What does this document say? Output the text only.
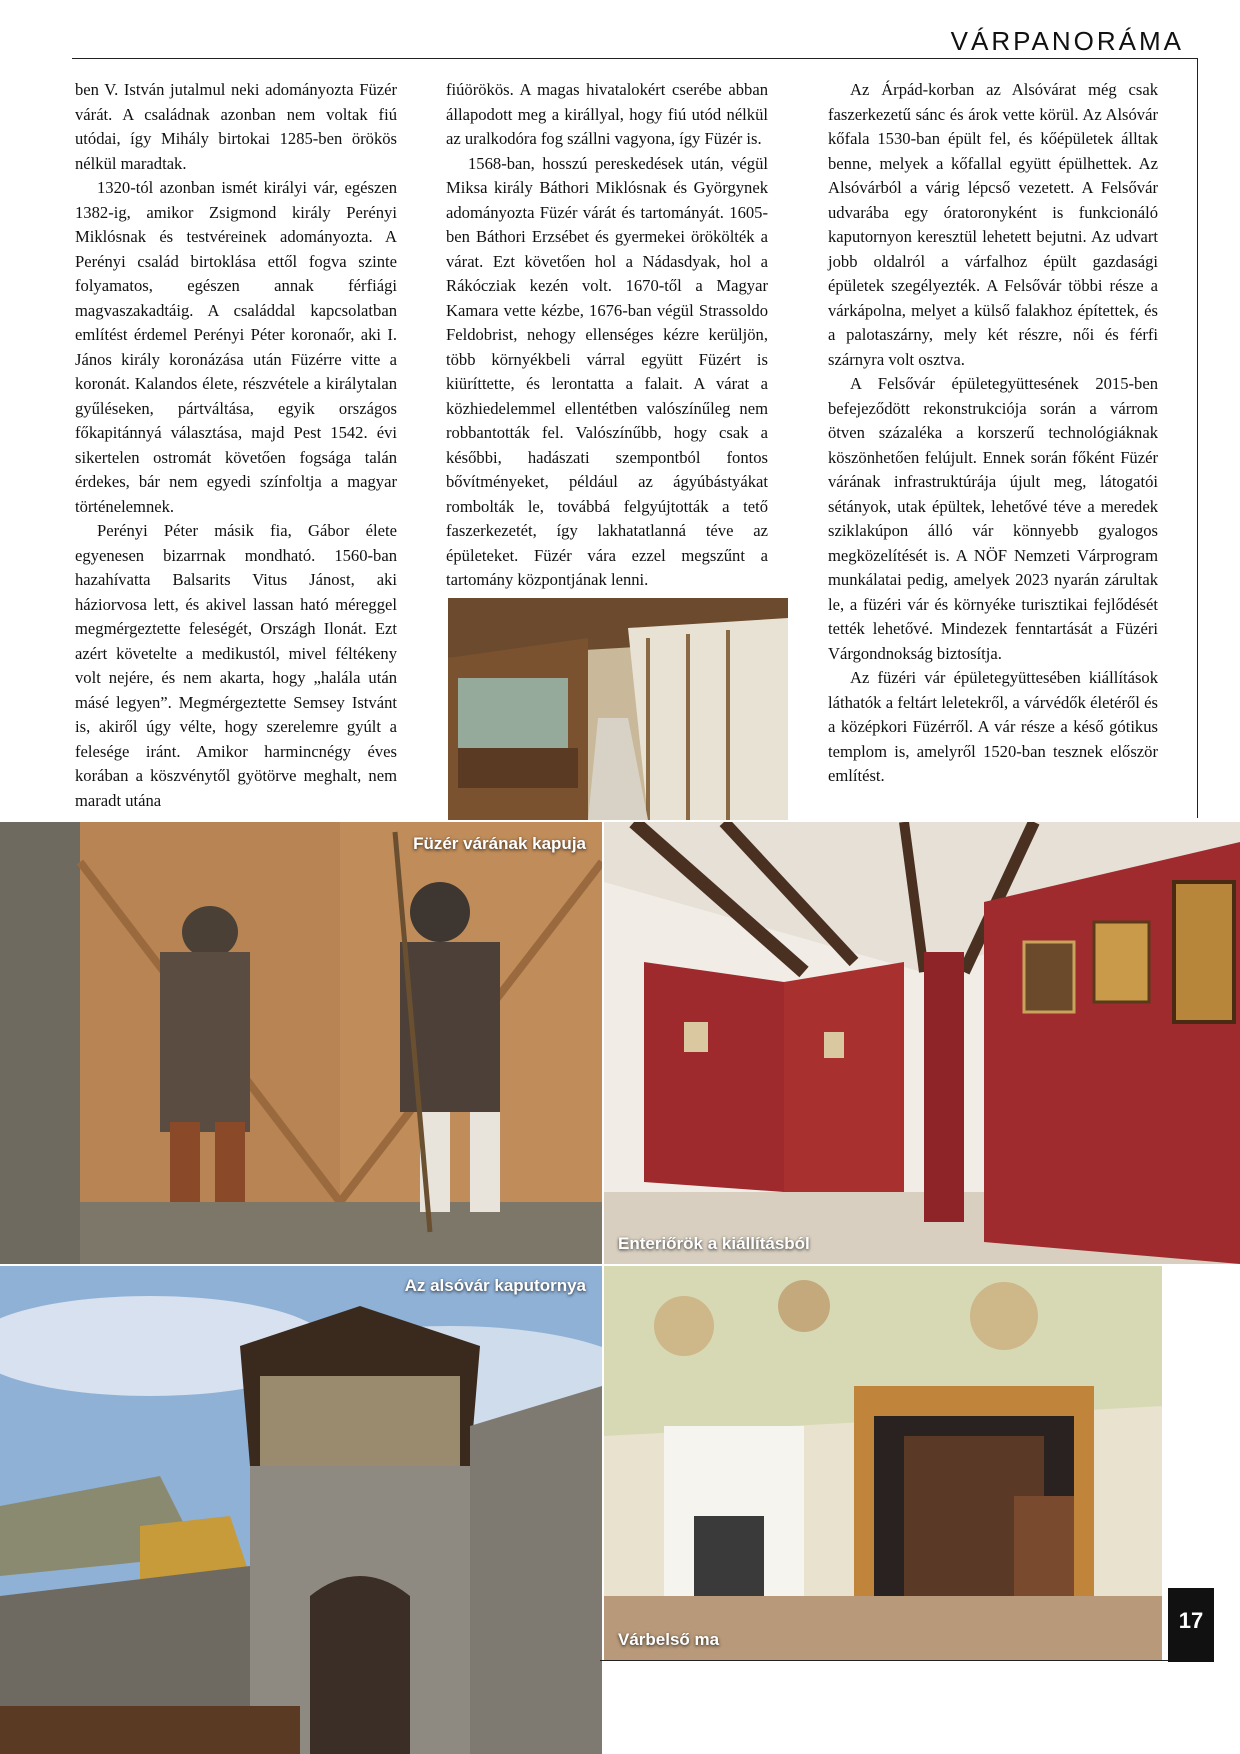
VÁRPANORÁMA

ben V. István jutalmul neki adományozta Füzér várát. A családnak azonban nem voltak fiú utódai, így Mihály birtokai 1285-ben örökös nélkül maradtak.

1320-tól azonban ismét királyi vár, egészen 1382-ig, amikor Zsigmond király Perényi Miklósnak és testvéreinek adományozta. A Perényi család birtoklása ettől fogva szinte folyamatos, egészen annak férfiági magvaszakadtáig. A családdal kapcsolatban említést érdemel Perényi Péter koronaőr, aki I. János király koronázása után Füzérre vitte a koronát. Kalandos élete, részvétele a királytalan gyűléseken, pártváltása, egyik országos főkapitánnyá választása, majd Pest 1542. évi sikertelen ostromát követően fogsága talán érdekes, bár nem egyedi színfoltja a magyar történelemnek.

Perényi Péter másik fia, Gábor élete egyenesen bizarrnak mondható. 1560-ban hazahívatta Balsarits Vitus Jánost, aki háziorvosa lett, és akivel lassan ható méreggel megmérgeztette feleségét, Országh Ilonát. Ezt azért követelte a medikustól, mivel féltékeny volt nejére, és nem akarta, hogy „halála után másé legyen”. Megmérgeztette Semsey Istvánt is, akiről úgy vélte, hogy szerelemre gyúlt a felesége iránt. Amikor harmincnégy éves korában a köszvénytől gyötörve meghalt, nem maradt utána

fiúörökös. A magas hivatalokért cserébe abban állapodott meg a királlyal, hogy fiú utód nélkül az uralkodóra fog szállni vagyona, így Füzér is.

1568-ban, hosszú pereskedések után, végül Miksa király Báthori Miklósnak és Györgynek adományozta Füzér várát és tartományát. 1605-ben Báthori Erzsébet és gyermekei örökölték a várat. Ezt követően hol a Nádasdyak, hol a Rákócziak kezén volt. 1670-től a Magyar Kamara vette kézbe, 1676-ban végül Strassoldo Feldobrist, nehogy ellenséges kézre kerüljön, több környékbeli várral együtt Füzért is kiüríttette, és lerontatta a falait. A várat a közhiedelemmel ellentétben valószínűleg nem robbantották fel. Valószínűbb, hogy csak a későbbi, hadászati szempontból fontos bővítményeket, például az ágyúbástyákat rombolták le, továbbá felgyújtották a tető faszerkezetét, így lakhatatlanná téve az épületeket. Füzér vára ezzel megszűnt a tartomány központjának lenni.

Az Árpád-korban az Alsóvárat még csak faszerkezetű sánc és árok vette körül. Az Alsóvár kőfala 1530-ban épült fel, és kőépületek álltak benne, melyek a kőfallal együtt épülhettek. Az Alsóvárból a várig lépcső vezetett. A Felsővár udvarába egy óratoronyként is funkcionáló kaputornyon keresztül lehetett bejutni. Az udvart jobb oldalról a várfalhoz épült gazdasági épületek szegélyezték. A Felsővár többi része a várkápolna, melyet a külső falakhoz építettek, és a palotaszárny, mely két részre, női és férfi szárnyra volt osztva.

A Felsővár épületegyüttesének 2015-ben befejeződött rekonstrukciója során a várrom ötven százaléka a korszerű technológiáknak köszönhetően felújult. Ennek során főként Füzér várának infrastruktúrája újult meg, látogatói sétányok, utak épültek, lehetővé téve a meredek sziklakúpon álló vár könnyebb gyalogos megközelítését is. A NÖF Nemzeti Várprogram munkálatai pedig, amelyek 2023 nyarán zárultak le, a füzéri vár és környéke turisztikai fejlődését tették lehetővé. Mindezek fenntartását a Füzéri Várgondnokság biztosítja.

Az füzéri vár épületegyüttesében kiállítások láthatók a feltárt leletekről, a várvédők életéről és a középkori Füzérről. A vár része a késő gótikus templom is, amelyről 1520-ban tesznek először említést.

Füzér várának kapuja
Enteriőrök a kiállításból
Az alsóvár kaputornya
Várbelső ma
17
